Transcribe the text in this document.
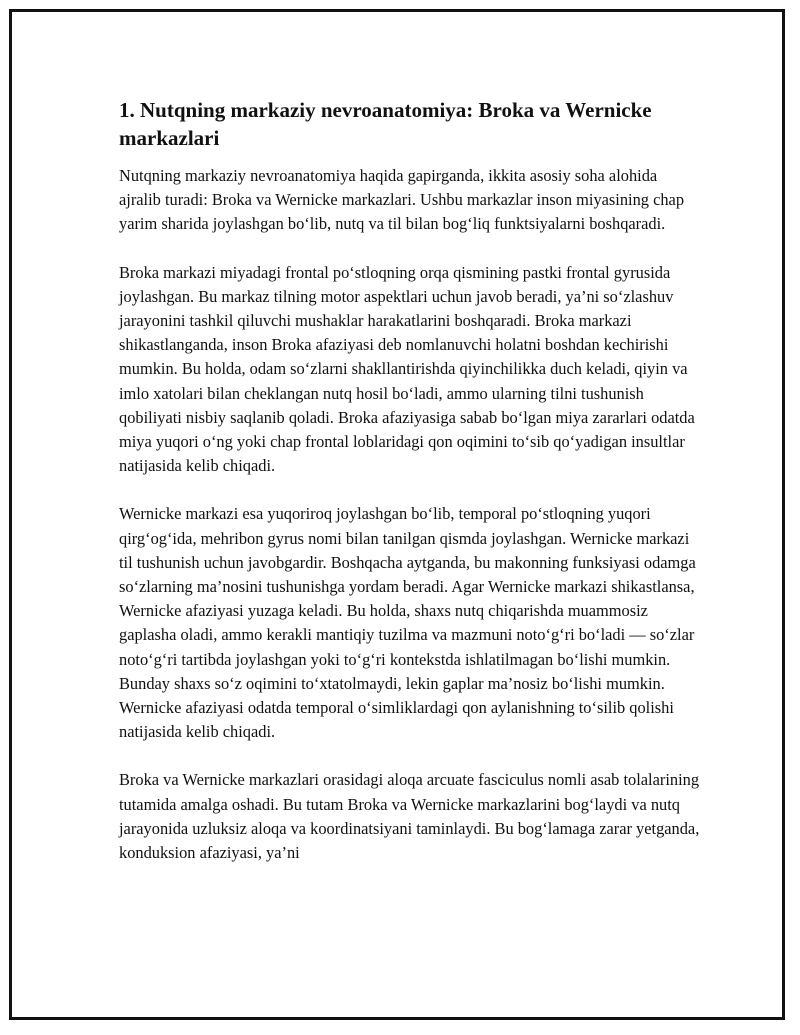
1. Nutqning markaziy nevroanatomiya: Broka va Wernicke markazlari

Nutqning markaziy nevroanatomiya haqida gapirganda, ikkita asosiy soha alohida ajralib turadi: Broka va Wernicke markazlari. Ushbu markazlar inson miyasining chap yarim sharida joylashgan bo‘lib, nutq va til bilan bog‘liq funktsiyalarni boshqaradi.

Broka markazi miyadagi frontal po‘stloqning orqa qismining pastki frontal gyrusida joylashgan. Bu markaz tilning motor aspektlari uchun javob beradi, ya’ni so‘zlashuv jarayonini tashkil qiluvchi mushaklar harakatlarini boshqaradi. Broka markazi shikastlanganda, inson Broka afaziyasi deb nomlanuvchi holatni boshdan kechirishi mumkin. Bu holda, odam so‘zlarni shakllantirishda qiyinchilikka duch keladi, qiyin va imlo xatolari bilan cheklangan nutq hosil bo‘ladi, ammo ularning tilni tushunish qobiliyati nisbiy saqlanib qoladi. Broka afaziyasiga sabab bo‘lgan miya zararlari odatda miya yuqori o‘ng yoki chap frontal loblaridagi qon oqimini to‘sib qo‘yadigan insultlar natijasida kelib chiqadi.

Wernicke markazi esa yuqoriroq joylashgan bo‘lib, temporal po‘stloqning yuqori qirg‘og‘ida, mehribon gyrus nomi bilan tanilgan qismda joylashgan. Wernicke markazi til tushunish uchun javobgardir. Boshqacha aytganda, bu makonning funksiyasi odamga so‘zlarning ma’nosini tushunishga yordam beradi. Agar Wernicke markazi shikastlansa, Wernicke afaziyasi yuzaga keladi. Bu holda, shaxs nutq chiqarishda muammosiz gaplasha oladi, ammo kerakli mantiqiy tuzilma va mazmuni noto‘g‘ri bo‘ladi — so‘zlar noto‘g‘ri tartibda joylashgan yoki to‘g‘ri kontekstda ishlatilmagan bo‘lishi mumkin. Bunday shaxs so‘z oqimini to‘xtatolmaydi, lekin gaplar ma’nosiz bo‘lishi mumkin. Wernicke afaziyasi odatda temporal o‘simliklardagi qon aylanishning to‘silib qolishi natijasida kelib chiqadi.

Broka va Wernicke markazlari orasidagi aloqa arcuate fasciculus nomli asab tolalarining tutamida amalga oshadi. Bu tutam Broka va Wernicke markazlarini bog‘laydi va nutq jarayonida uzluksiz aloqa va koordinatsiyani taminlaydi. Bu bog‘lamaga zarar yetganda, konduksion afaziyasi, ya’ni
